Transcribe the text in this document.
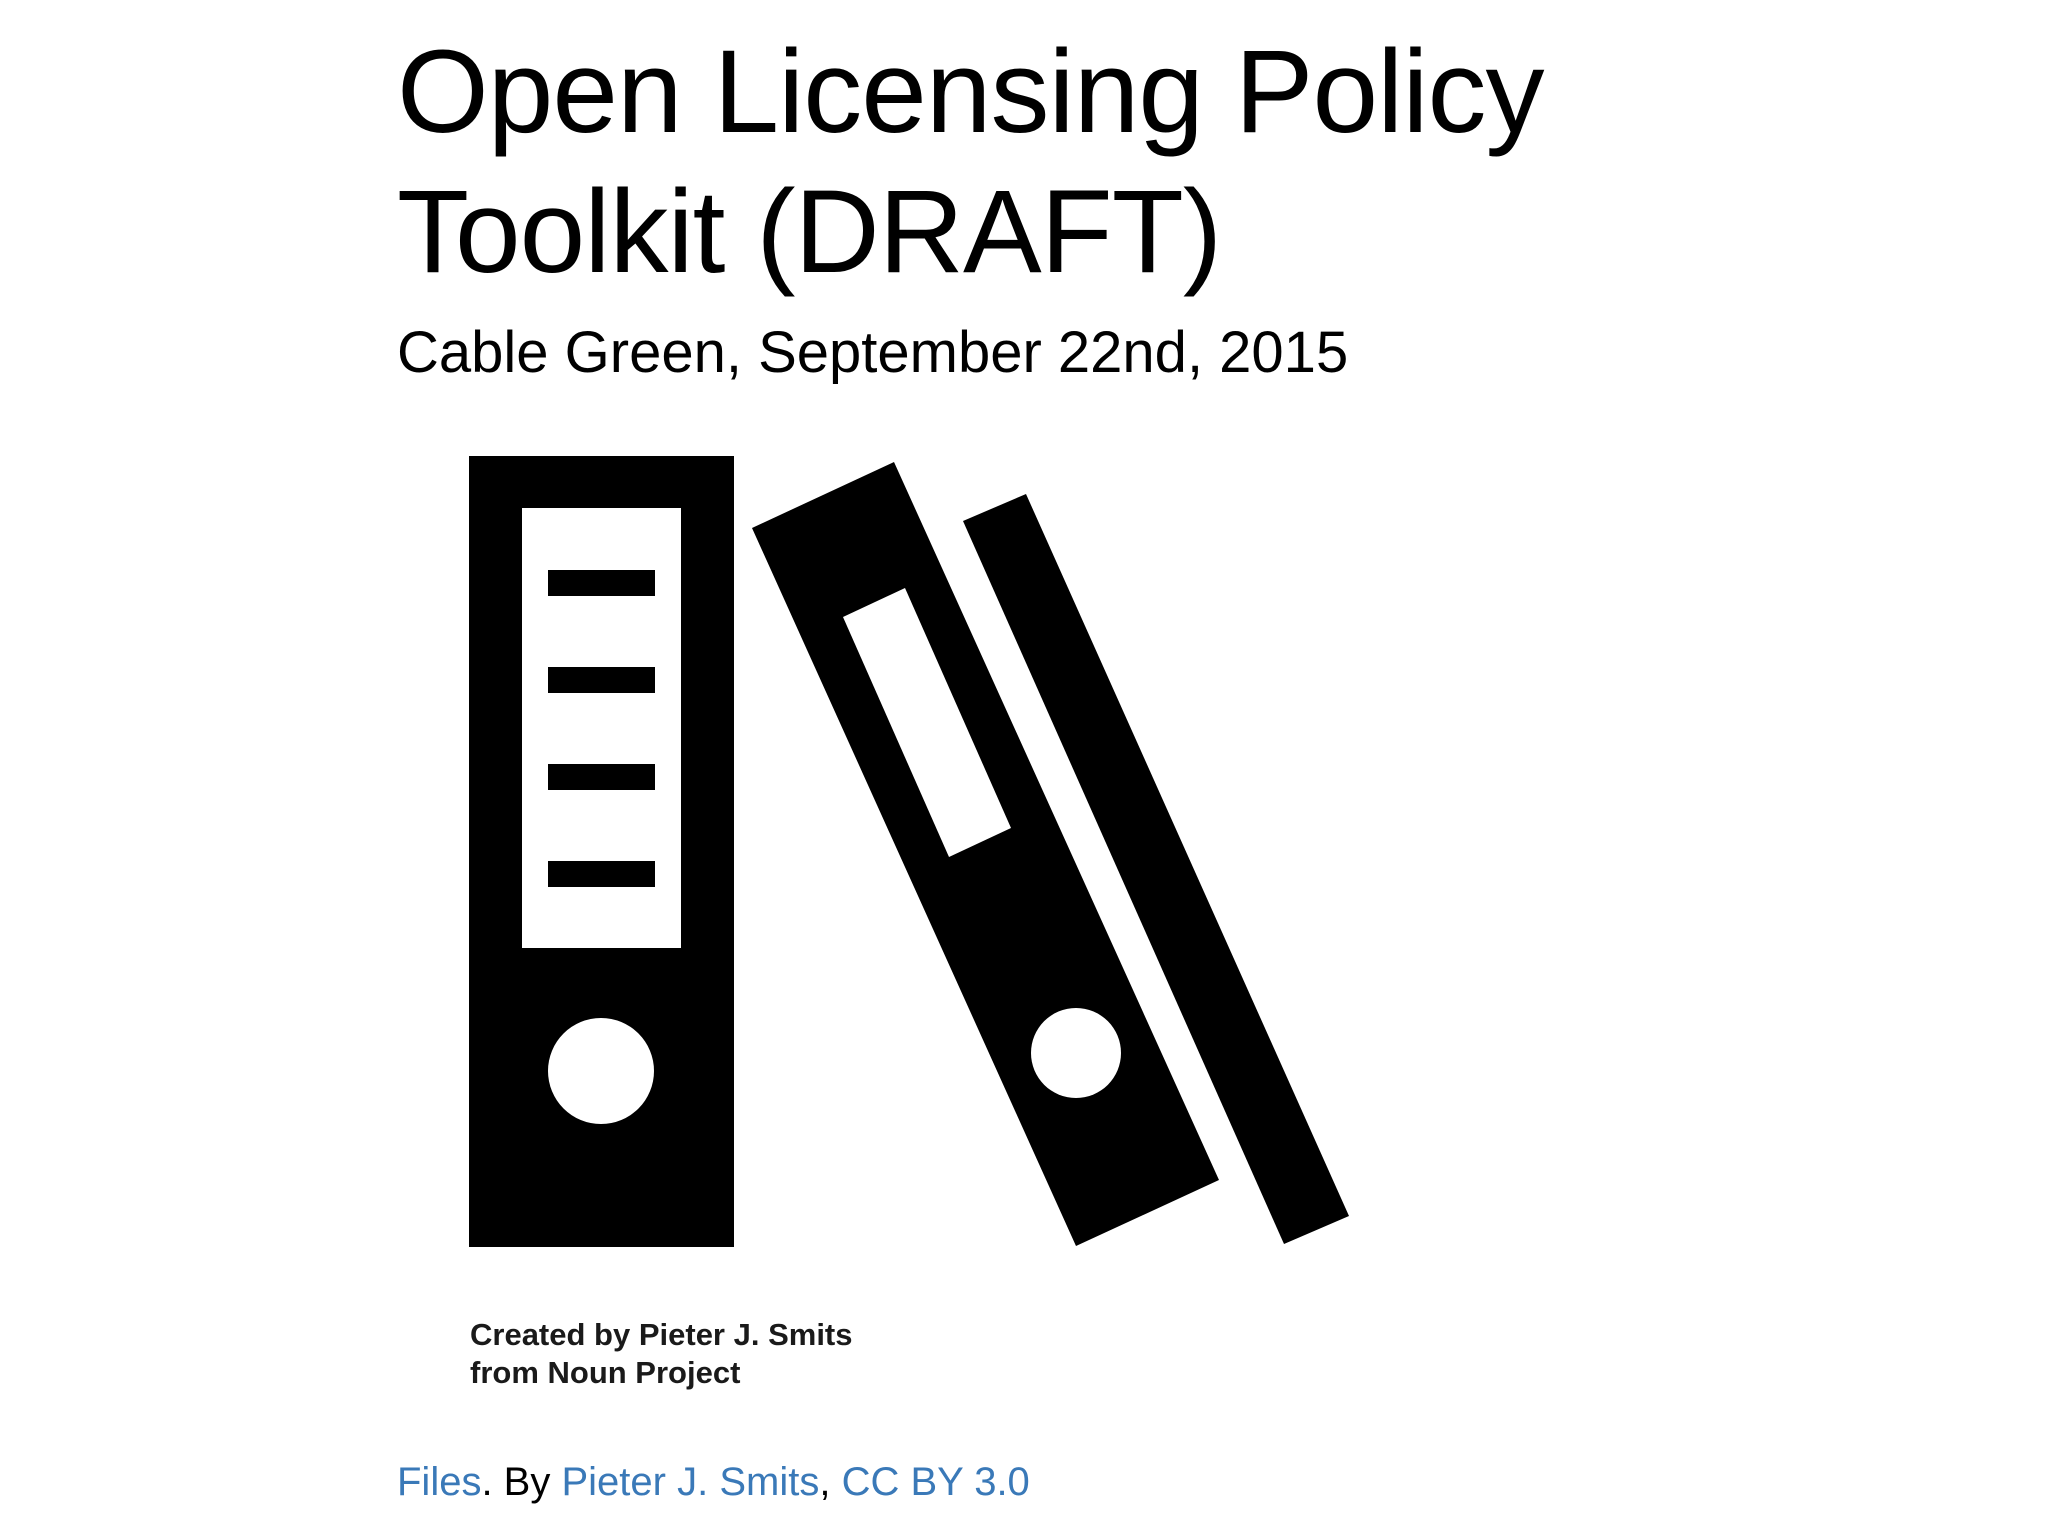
Open Licensing Policy
Toolkit (DRAFT)
Cable Green, September 22nd, 2015
Created by Pieter J. Smits
from Noun Project
Files. By Pieter J. Smits, CC BY 3.0
